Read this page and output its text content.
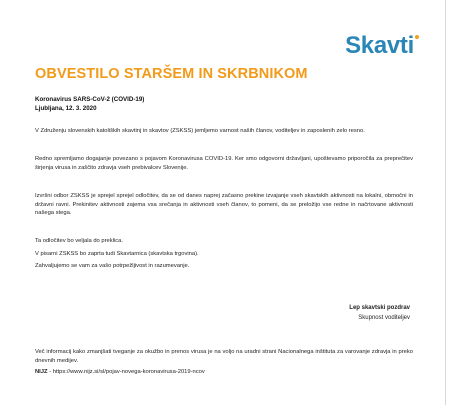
Skavti
OBVESTILO STARŠEM IN SKRBNIKOM
Koronavirus SARS-CoV-2 (COVID-19)
Ljubljana, 12. 3. 2020

V Združenju slovenskih katoliških skavtinj in skavtov (ZSKSS) jemljemo varnost naših članov, voditeljev in zaposlenih zelo resno.

Redno spremljamo dogajanje povezano s pojavom Koronavirusa COVID-19. Ker smo odgovorni državljani, upoštevamo priporočila za preprečitev širjenja virusa in zaščito zdravja vseh prebivalcev Slovenije.

Izvršni odbor ZSKSS je sprejel sprejel odločitev, da se od danes naprej začasno prekine izvajanje vseh skavtskih aktivnosti na lokalni, območni in državni ravni. Prekinitev aktivnosti zajema vsa srečanja in aktivnosti vseh članov, to pomeni, da se preložijo vse redne in načrtovane aktivnosti našega stega.

Ta odločitev bo veljala do preklica.

V pisarni ZSKSS bo zaprta tudi Skavtarnica (skavtska trgovina).

Zahvaljujemo se vam za vašo potrpežljivost in razumevanje.

Lep skavtski pozdrav
Skupnost voditeljev

Več informacij kako zmanjšati tveganje za okužbo in prenos virusa je na voljo na uradni strani Nacionalnega inštituta za varovanje zdravja in preko dnevnih medijev.

NIJZ - https://www.nijz.si/sl/pojav-novega-koronavirusa-2019-ncov
